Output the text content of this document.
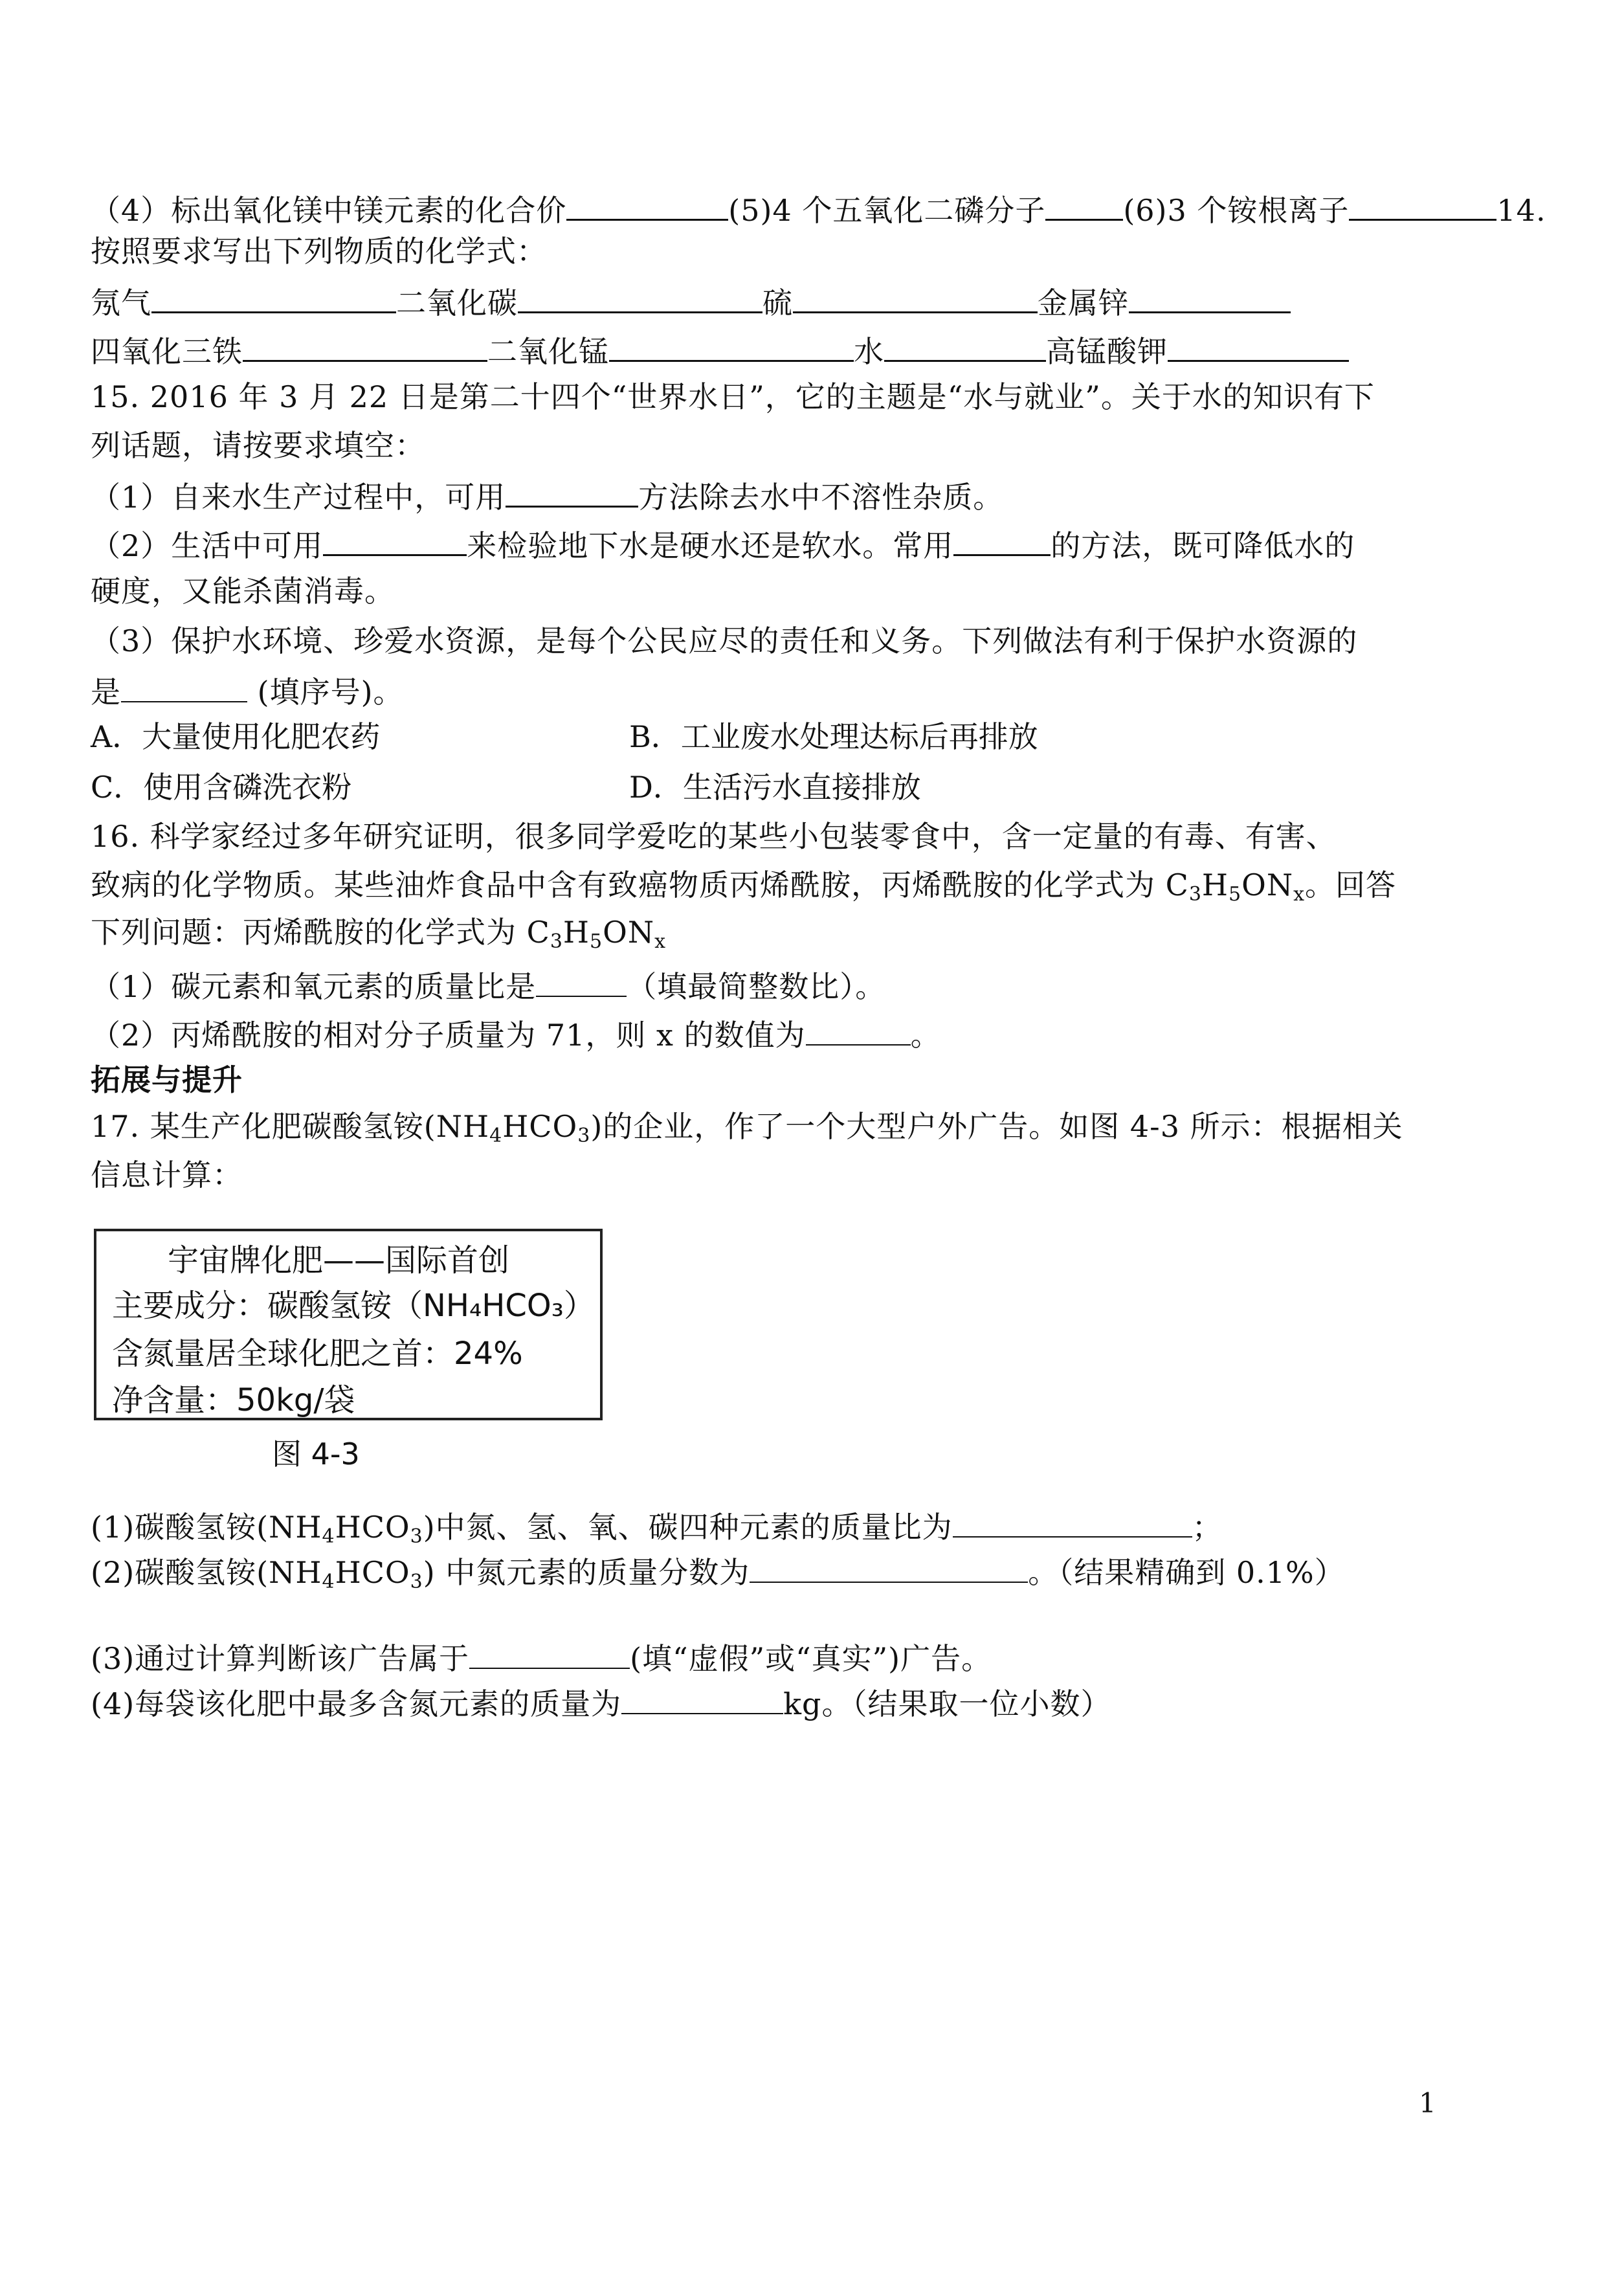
（4）标出氧化镁中镁元素的化合价	(5)4 个五氧化二磷分子	(6)3 个铵根离子	14.
按照要求写出下列物质的化学式：
氖气	二氧化碳	硫	金属锌
四氧化三铁	二氧化锰	水	高锰酸钾
15. 2016 年 3 月 22 日是第二十四个“世界水日”，它的主题是“水与就业”。关于水的知识有下
列话题，请按要求填空：
（1）自来水生产过程中，可用	方法除去水中不溶性杂质。
（2）生活中可用	来检验地下水是硬水还是软水。常用	的方法，既可降低水的
硬度，又能杀菌消毒。
（3）保护水环境、珍爱水资源，是每个公民应尽的责任和义务。下列做法有利于保护水资源的
是	(填序号)。
A．大量使用化肥农药	B．工业废水处理达标后再排放
C．使用含磷洗衣粉	D．生活污水直接排放
16. 科学家经过多年研究证明，很多同学爱吃的某些小包装零食中，含一定量的有毒、有害、
致病的化学物质。某些油炸食品中含有致癌物质丙烯酰胺，丙烯酰胺的化学式为 $C_3H_5ON_x$。回答
下列问题：丙烯酰胺的化学式为 $C_3H_5ON_x$
（1）碳元素和氧元素的质量比是	（填最简整数比）。
（2）丙烯酰胺的相对分子质量为 71，则 x 的数值为	。
拓展与提升
17. 某生产化肥碳酸氢铵$(NH_4HCO_3)$的企业，作了一个大型户外广告。如图 4-3 所示：根据相关
信息计算：
宇宙牌化肥——国际首创
主要成分：碳酸氢铵（NH₄HCO₃）
含氮量居全球化肥之首：24%
净含量：50kg/袋
图 4-3
(1)碳酸氢铵$(NH_4HCO_3)$中氮、氢、氧、碳四种元素的质量比为	；
(2)碳酸氢铵$(NH_4HCO_3)$ 中氮元素的质量分数为	。（结果精确到 0.1%）
(3)通过计算判断该广告属于	(填“虚假”或“真实”)广告。
(4)每袋该化肥中最多含氮元素的质量为	kg。（结果取一位小数）
1
